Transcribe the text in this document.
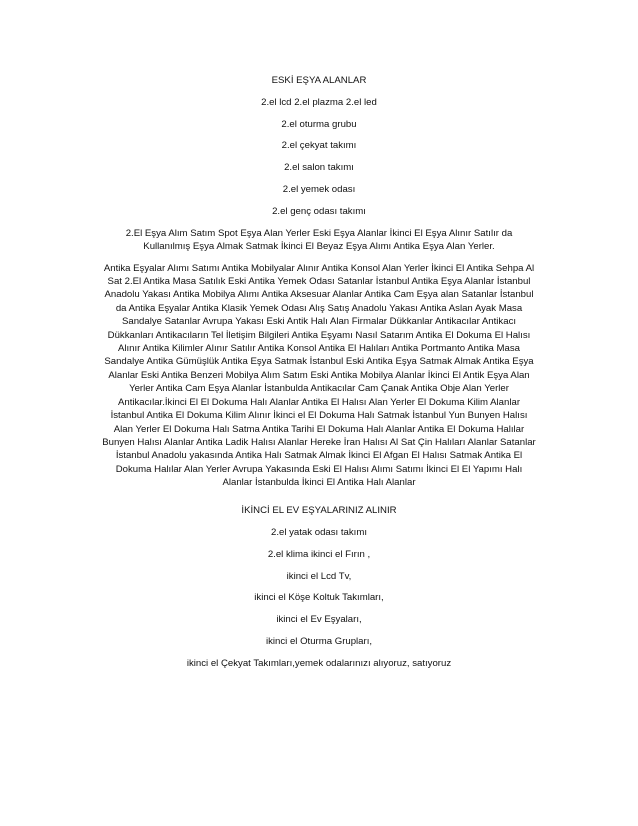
ESKİ EŞYA ALANLAR

2.el lcd 2.el plazma 2.el led

2.el oturma grubu

2.el çekyat takımı

2.el salon takımı

2.el yemek odası

2.el genç odası takımı

2.El Eşya Alım Satım Spot Eşya Alan Yerler Eski Eşya Alanlar İkinci El Eşya Alınır Satılır da Kullanılmış Eşya Almak Satmak İkinci El Beyaz Eşya Alımı Antika Eşya Alan Yerler.

Antika Eşyalar Alımı Satımı Antika Mobilyalar Alınır Antika Konsol Alan Yerler İkinci El Antika Sehpa Al Sat 2.El Antika Masa Satılık Eski Antika Yemek Odası Satanlar İstanbul Antika Eşya Alanlar İstanbul Anadolu Yakası Antika Mobilya Alımı Antika Aksesuar Alanlar Antika Cam Eşya alan Satanlar İstanbul da Antika Eşyalar Antika Klasik Yemek Odası Alış Satış Anadolu Yakası Antika Aslan Ayak Masa Sandalye Satanlar Avrupa Yakası Eski Antik Halı Alan Firmalar Dükkanlar Antikacılar Antikacı Dükkanları Antikacıların Tel İletişim Bilgileri Antika Eşyamı Nasıl Satarım Antika El Dokuma El Halısı Alınır Antika Kilimler Alınır Satılır Antika Konsol Antika El Halıları Antika Portmanto Antika Masa Sandalye Antika Gümüşlük Antika Eşya Satmak İstanbul Eski Antika Eşya Satmak Almak Antika Eşya Alanlar Eski Antika Benzeri Mobilya Alım Satım Eski Antika Mobilya Alanlar İkinci El Antik Eşya Alan Yerler Antika Cam Eşya Alanlar İstanbulda Antikacılar Cam Çanak Antika Obje Alan Yerler Antikacılar.İkinci El El Dokuma Halı Alanlar Antika El Halısı Alan Yerler El Dokuma Kilim Alanlar İstanbul Antika El Dokuma Kilim Alınır İkinci el El Dokuma Halı Satmak İstanbul Yun Bunyen Halısı Alan Yerler El Dokuma Halı Satma Antika Tarihi El Dokuma Halı Alanlar Antika El Dokuma Halılar Bunyen Halısı Alanlar Antika Ladik Halısı Alanlar Hereke İran Halısı Al Sat Çin Halıları Alanlar Satanlar İstanbul Anadolu yakasında Antika Halı Satmak Almak İkinci El Afgan El Halısı Satmak Antika El Dokuma Halılar Alan Yerler Avrupa Yakasında Eski El Halısı Alımı Satımı İkinci El El Yapımı Halı Alanlar İstanbulda İkinci El Antika Halı Alanlar

İKİNCİ EL EV EŞYALARINIZ ALINIR

2.el yatak odası takımı

2.el klima ikinci el Fırın ,

ikinci el Lcd Tv,

ikinci el Köşe Koltuk Takımları,

ikinci el Ev Eşyaları,

ikinci el Oturma Grupları,

ikinci el Çekyat Takımları,yemek odalarınızı alıyoruz, satıyoruz
